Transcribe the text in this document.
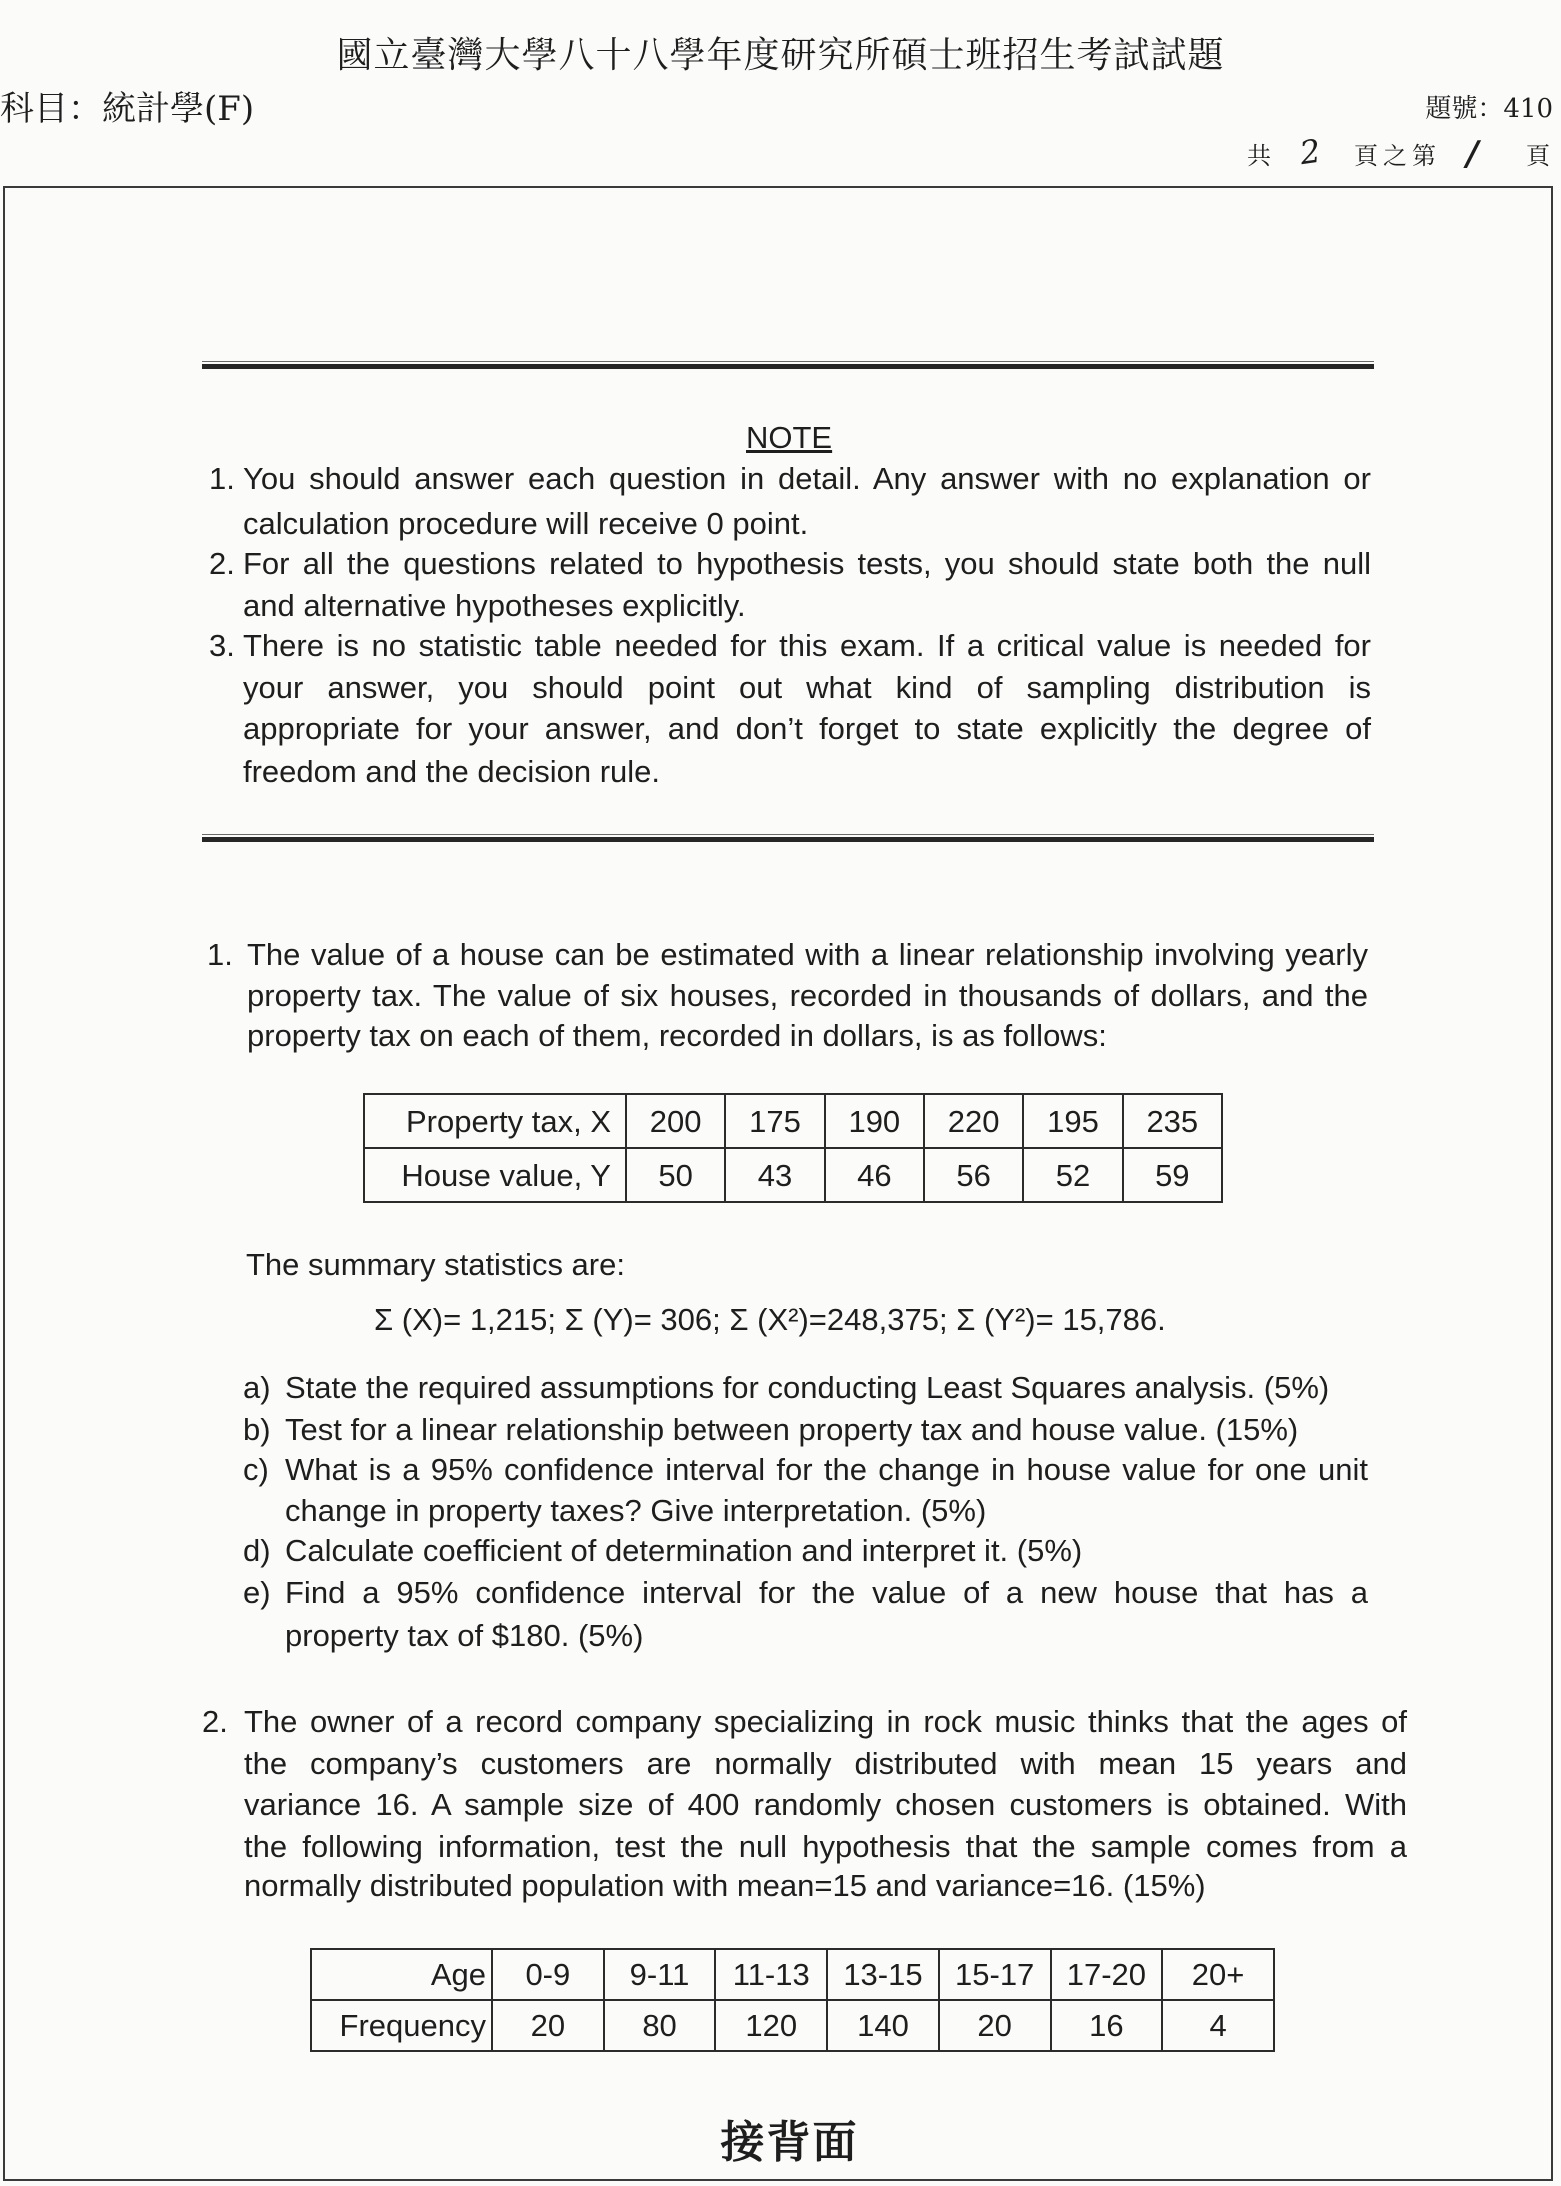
國立臺灣大學八十八學年度研究所碩士班招生考試試題
科目：統計學(F)	題號：410
共 2 頁之第 / 頁
NOTE
1. You should answer each question in detail. Any answer with no explanation or
calculation procedure will receive 0 point.
2. For all the questions related to hypothesis tests, you should state both the null
and alternative hypotheses explicitly.
3. There is no statistic table needed for this exam. If a critical value is needed for
your answer, you should point out what kind of sampling distribution is
appropriate for your answer, and don’t forget to state explicitly the degree of
freedom and the decision rule.
1. The value of a house can be estimated with a linear relationship involving yearly
property tax. The value of six houses, recorded in thousands of dollars, and the
property tax on each of them, recorded in dollars, is as follows:
Property tax, X	200	175	190	220	195	235
House value, Y	50	43	46	56	52	59
The summary statistics are:
Σ (X)= 1,215; Σ (Y)= 306; Σ (X²)=248,375; Σ (Y²)= 15,786.
a) State the required assumptions for conducting Least Squares analysis. (5%)
b) Test for a linear relationship between property tax and house value. (15%)
c) What is a 95% confidence interval for the change in house value for one unit
change in property taxes? Give interpretation. (5%)
d) Calculate coefficient of determination and interpret it. (5%)
e) Find a 95% confidence interval for the value of a new house that has a
property tax of $180. (5%)
2. The owner of a record company specializing in rock music thinks that the ages of
the company’s customers are normally distributed with mean 15 years and
variance 16. A sample size of 400 randomly chosen customers is obtained. With
the following information, test the null hypothesis that the sample comes from a
normally distributed population with mean=15 and variance=16. (15%)
Age	0-9	9-11	11-13	13-15	15-17	17-20	20+
Frequency	20	80	120	140	20	16	4
接背面
